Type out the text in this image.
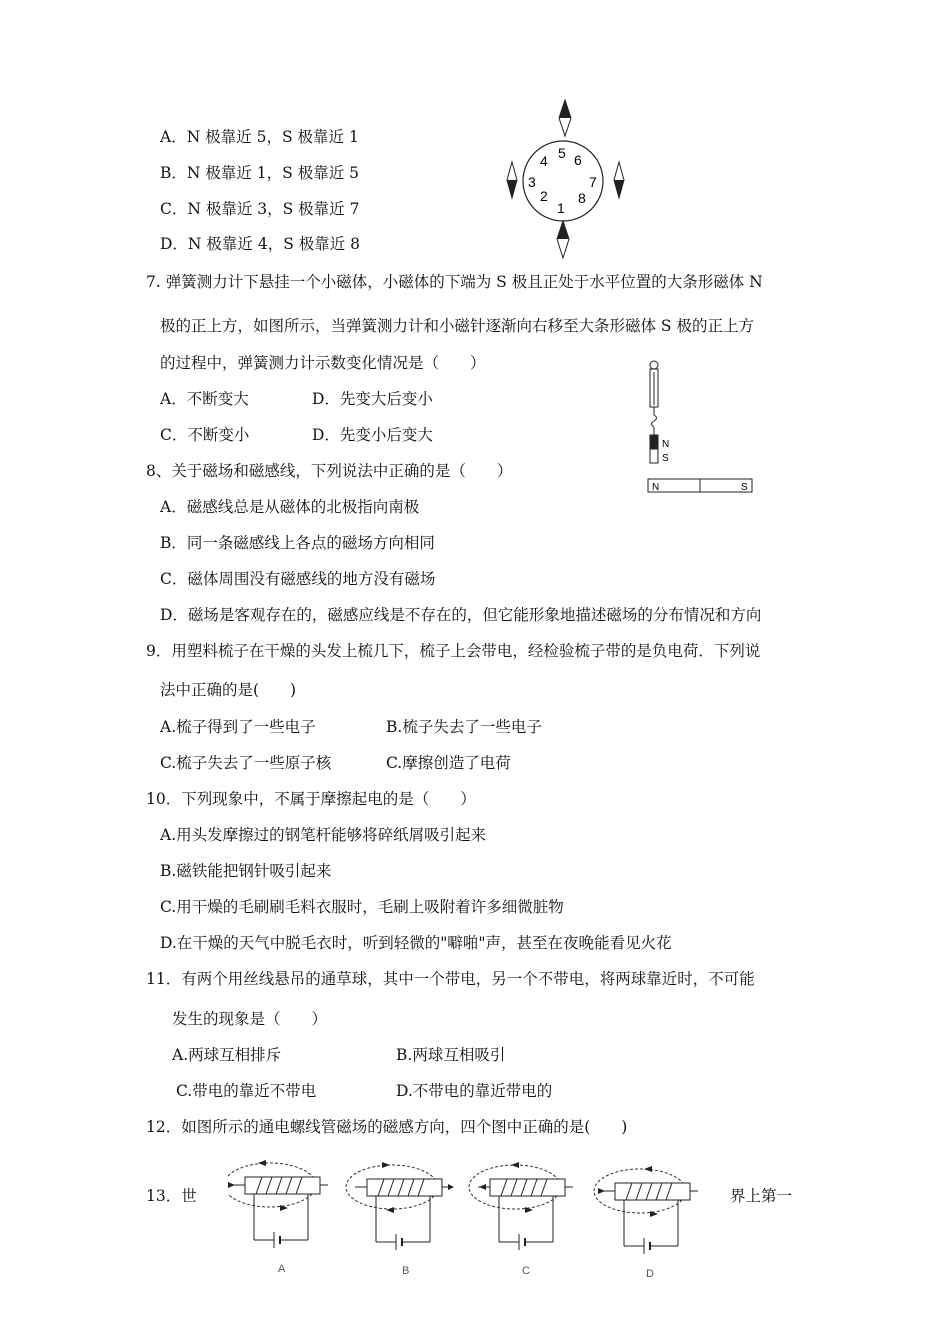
A．N 极靠近 5，S 极靠近 1
B．N 极靠近 1，S 极靠近 5
C．N 极靠近 3，S 极靠近 7
D．N 极靠近 4，S 极靠近 8
5 6
4
3	7
2 8
1
7. 弹簧测力计下悬挂一个小磁体，小磁体的下端为 S 极且正处于水平位置的大条形磁体 N
极的正上方，如图所示，当弹簧测力计和小磁针逐渐向右移至大条形磁体 S 极的正上方
的过程中，弹簧测力计示数变化情况是（　　）
A．不断变大	D．先变大后变小
C．不断变小	D．先变小后变大
N
S
N	S
8、关于磁场和磁感线，下列说法中正确的是（　　）
A．磁感线总是从磁体的北极指向南极
B．同一条磁感线上各点的磁场方向相同
C．磁体周围没有磁感线的地方没有磁场
D．磁场是客观存在的，磁感应线是不存在的，但它能形象地描述磁场的分布情况和方向
9．用塑料梳子在干燥的头发上梳几下，梳子上会带电，经检验梳子带的是负电荷．下列说
法中正确的是(　　)
A.梳子得到了一些电子	B.梳子失去了一些电子
C.梳子失去了一些原子核	C.摩擦创造了电荷
10．下列现象中，不属于摩擦起电的是（　　）
A.用头发摩擦过的钢笔杆能够将碎纸屑吸引起来
B.磁铁能把钢针吸引起来
C.用干燥的毛刷刷毛料衣服时，毛刷上吸附着许多细微脏物
D.在干燥的天气中脱毛衣时，听到轻微的"噼啪"声，甚至在夜晚能看见火花
11．有两个用丝线悬吊的通草球，其中一个带电，另一个不带电，将两球靠近时，不可能
发生的现象是（　　）
A.两球互相排斥	B.两球互相吸引
C.带电的靠近不带电	D.不带电的靠近带电的
12．如图所示的通电螺线管磁场的磁感方向，四个图中正确的是(　　)
13．世	界上第一
A	B	C	D
